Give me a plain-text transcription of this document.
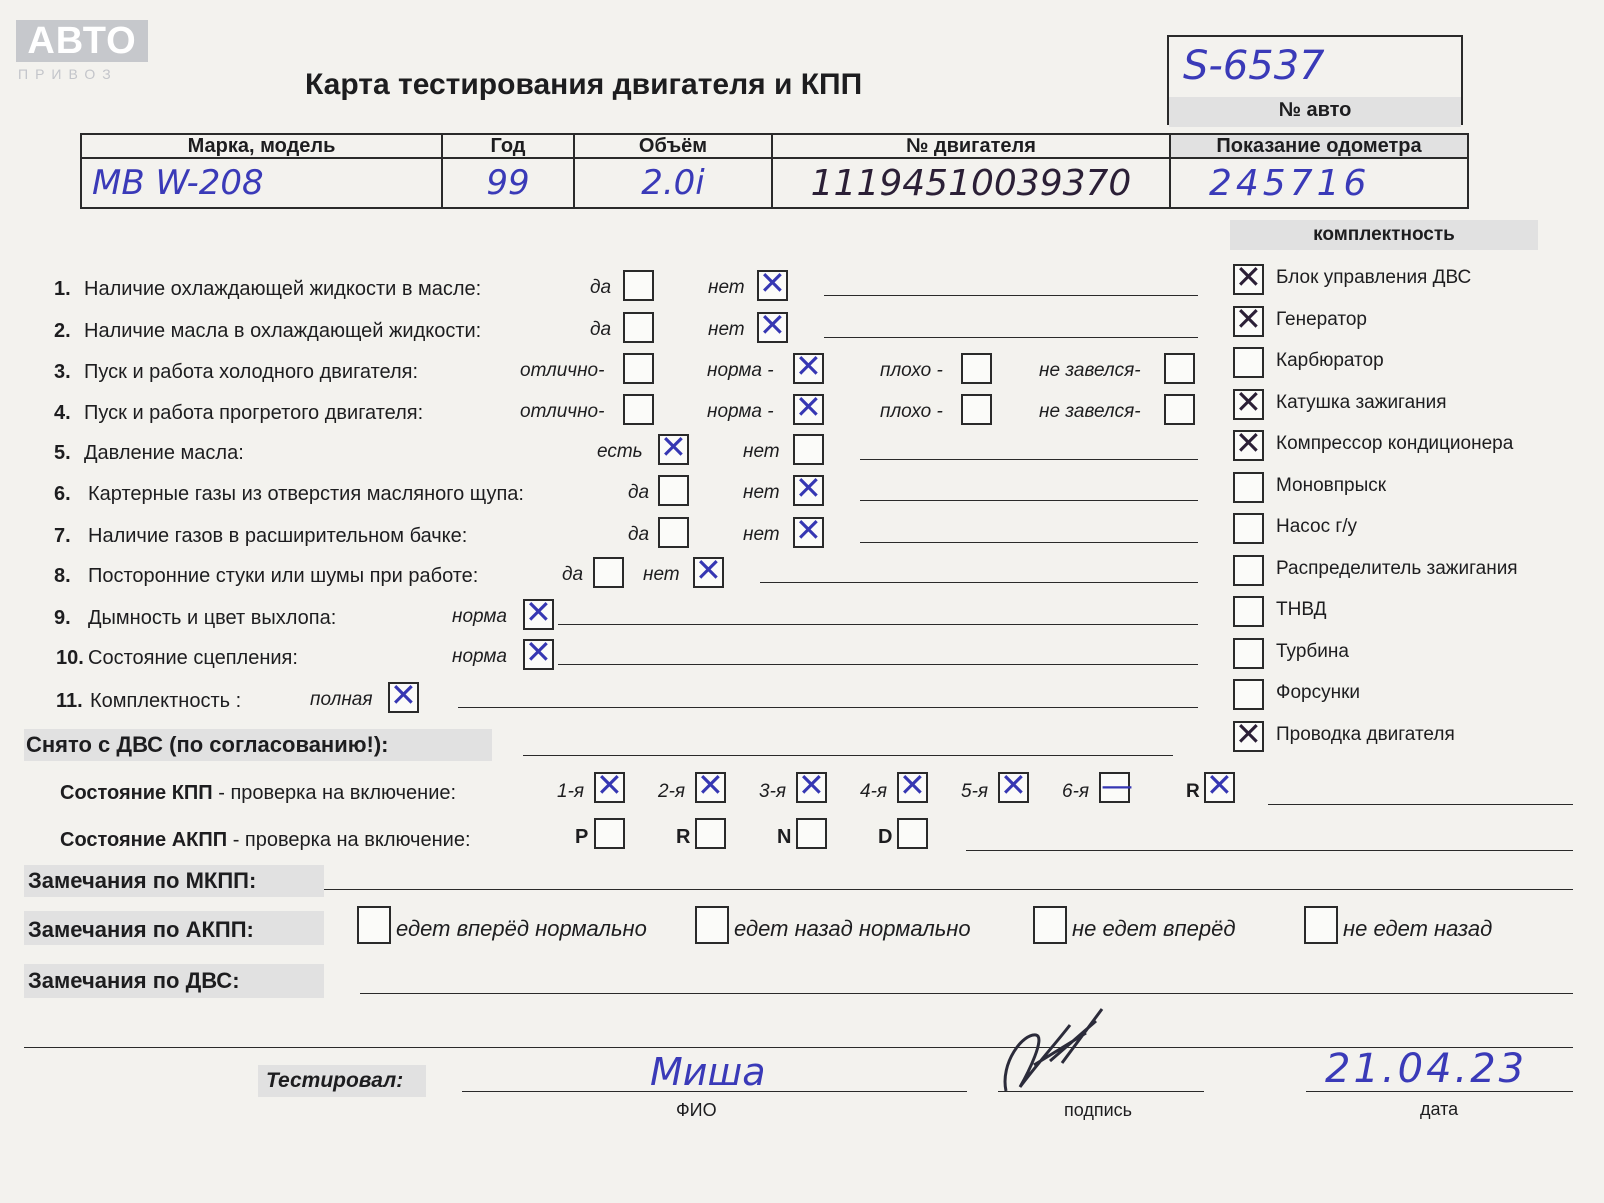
АВТО
ПРИВОЗ	Карта тестирования двигателя и КПП	S-6537
№ авто
Марка, модель	Год	Объём	№ двигателя	Показание одометра

MB W-208	99	2.0i	11194510039370	245716
комплектность
1. Наличие охлаждающей жидкости в масле:	да	нет ✕
2. Наличие масла в охлаждающей жидкости:	да	нет ✕
3. Пуск и работа холодного двигателя:	отлично-	норма - ✕	плохо -	не завелся-
4. Пуск и работа прогретого двигателя:	отлично-	норма - ✕	плохо -	не завелся-
5. Давление масла:	есть ✕	нет
6. Картерные газы из отверстия масляного щупа:	да	нет ✕
7. Наличие газов в расширительном бачке:	да	нет ✕
8. Посторонние стуки или шумы при работе:	да	нет ✕
9. Дымность и цвет выхлопа:	норма ✕
10. Состояние сцепления:	норма ✕
11. Комплектность :	полная ✕
✕ Блок управления ДВС
✕ Генератор
Карбюратор
✕ Катушка зажигания
✕ Компрессор кондиционера
Моновпрыск
Насос г/у
Распределитель зажигания
ТНВД
Турбина
Форсунки
✕ Проводка двигателя
Снято с ДВС (по согласованию!):
Состояние КПП - проверка на включение:	1-я ✕ 2-я ✕ 3-я ✕ 4-я ✕ 5-я ✕ 6-я —	R ✕
Состояние АКПП - проверка на включение:	P	R	N	D
Замечания по МКПП:
Замечания по АКПП:	едет вперёд нормально	едет назад нормально	не едет вперёд	не едет назад
Замечания по ДВС:
Тестировал:	Миша
ФИО	подпись
21.04.23
дата
